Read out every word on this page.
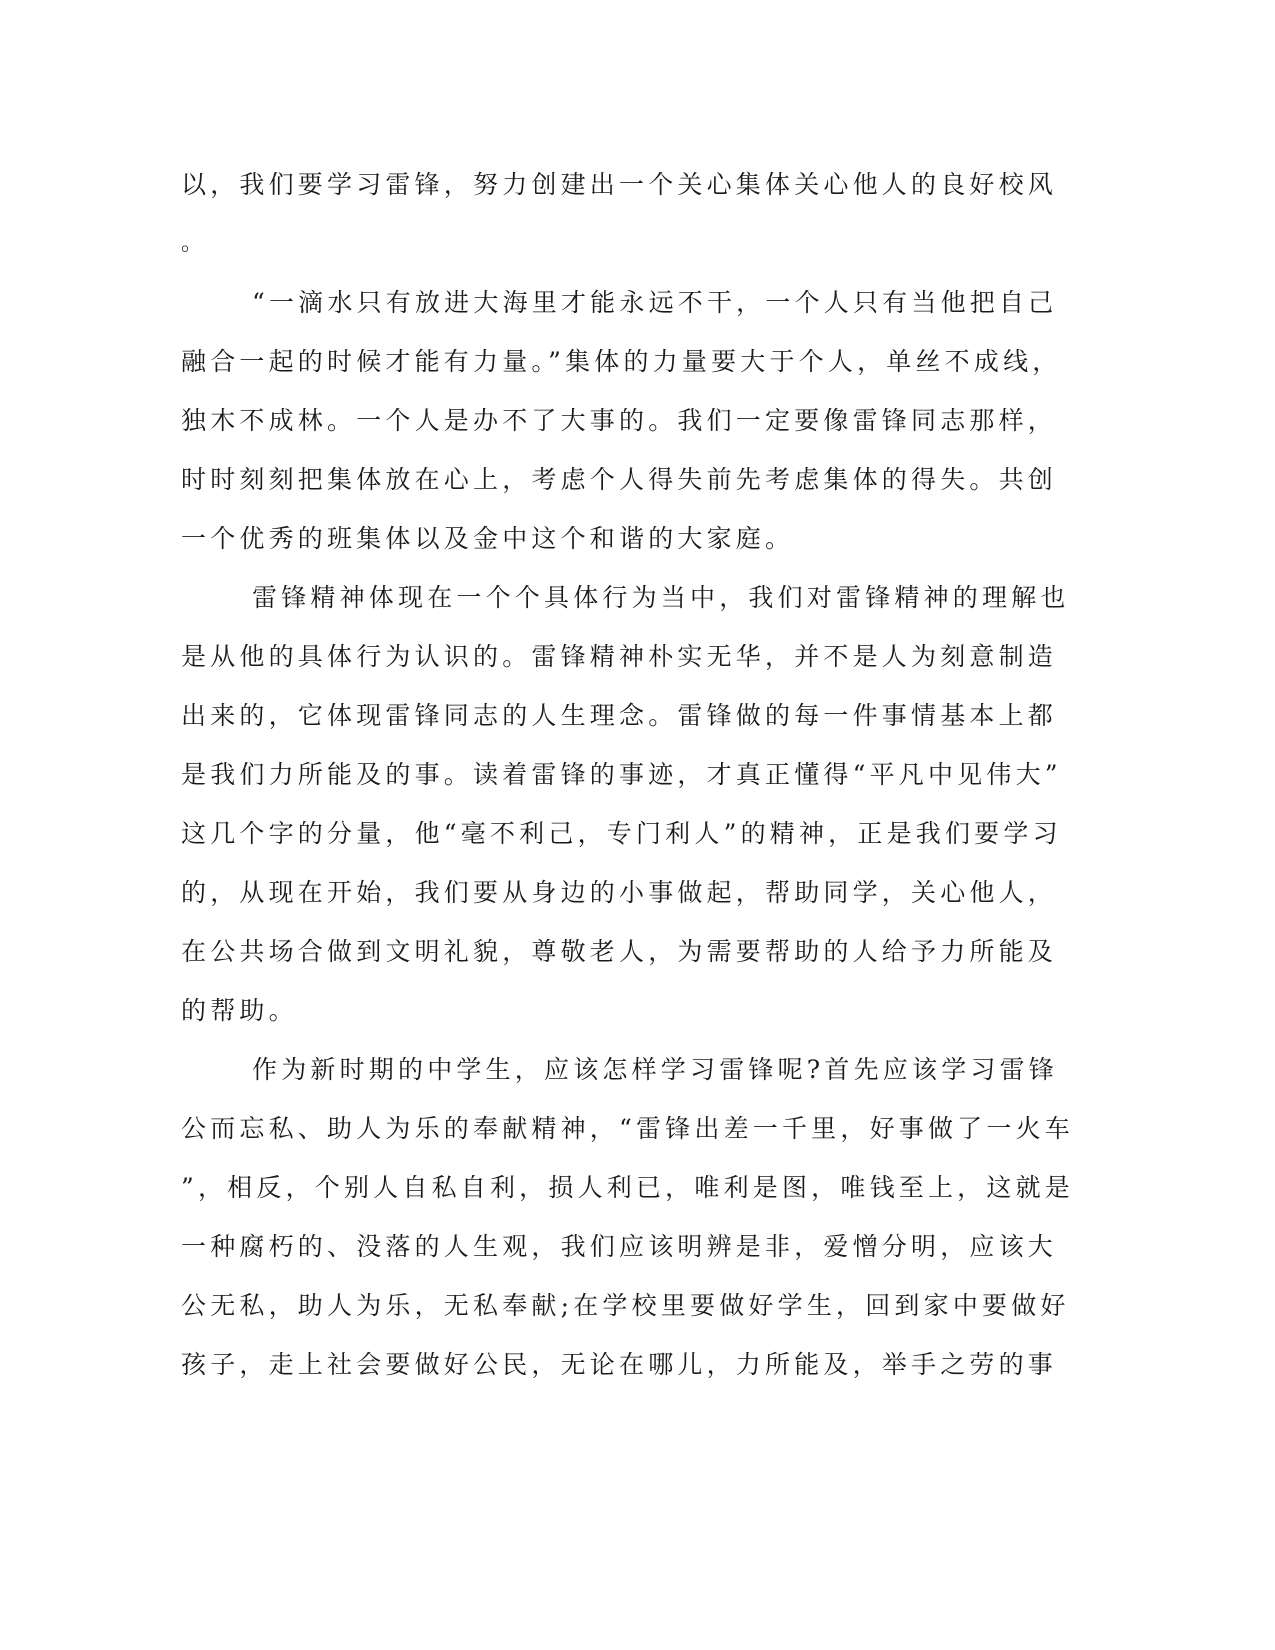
以，我们要学习雷锋，努力创建出一个关心集体关心他人的良好校风
。
“一滴水只有放进大海里才能永远不干，一个人只有当他把自己
融合一起的时候才能有力量。”集体的力量要大于个人，单丝不成线，
独木不成林。一个人是办不了大事的。我们一定要像雷锋同志那样，
时时刻刻把集体放在心上，考虑个人得失前先考虑集体的得失。共创
一个优秀的班集体以及金中这个和谐的大家庭。
雷锋精神体现在一个个具体行为当中，我们对雷锋精神的理解也
是从他的具体行为认识的。雷锋精神朴实无华，并不是人为刻意制造
出来的，它体现雷锋同志的人生理念。雷锋做的每一件事情基本上都
是我们力所能及的事。读着雷锋的事迹，才真正懂得“平凡中见伟大”
这几个字的分量，他“毫不利己，专门利人”的精神，正是我们要学习
的，从现在开始，我们要从身边的小事做起，帮助同学，关心他人，
在公共场合做到文明礼貌，尊敬老人，为需要帮助的人给予力所能及
的帮助。
作为新时期的中学生，应该怎样学习雷锋呢?首先应该学习雷锋
公而忘私、助人为乐的奉献精神，“雷锋出差一千里，好事做了一火车
”，相反，个别人自私自利，损人利已，唯利是图，唯钱至上，这就是
一种腐朽的、没落的人生观，我们应该明辨是非，爱憎分明，应该大
公无私，助人为乐，无私奉献;在学校里要做好学生，回到家中要做好
孩子，走上社会要做好公民，无论在哪儿，力所能及，举手之劳的事
